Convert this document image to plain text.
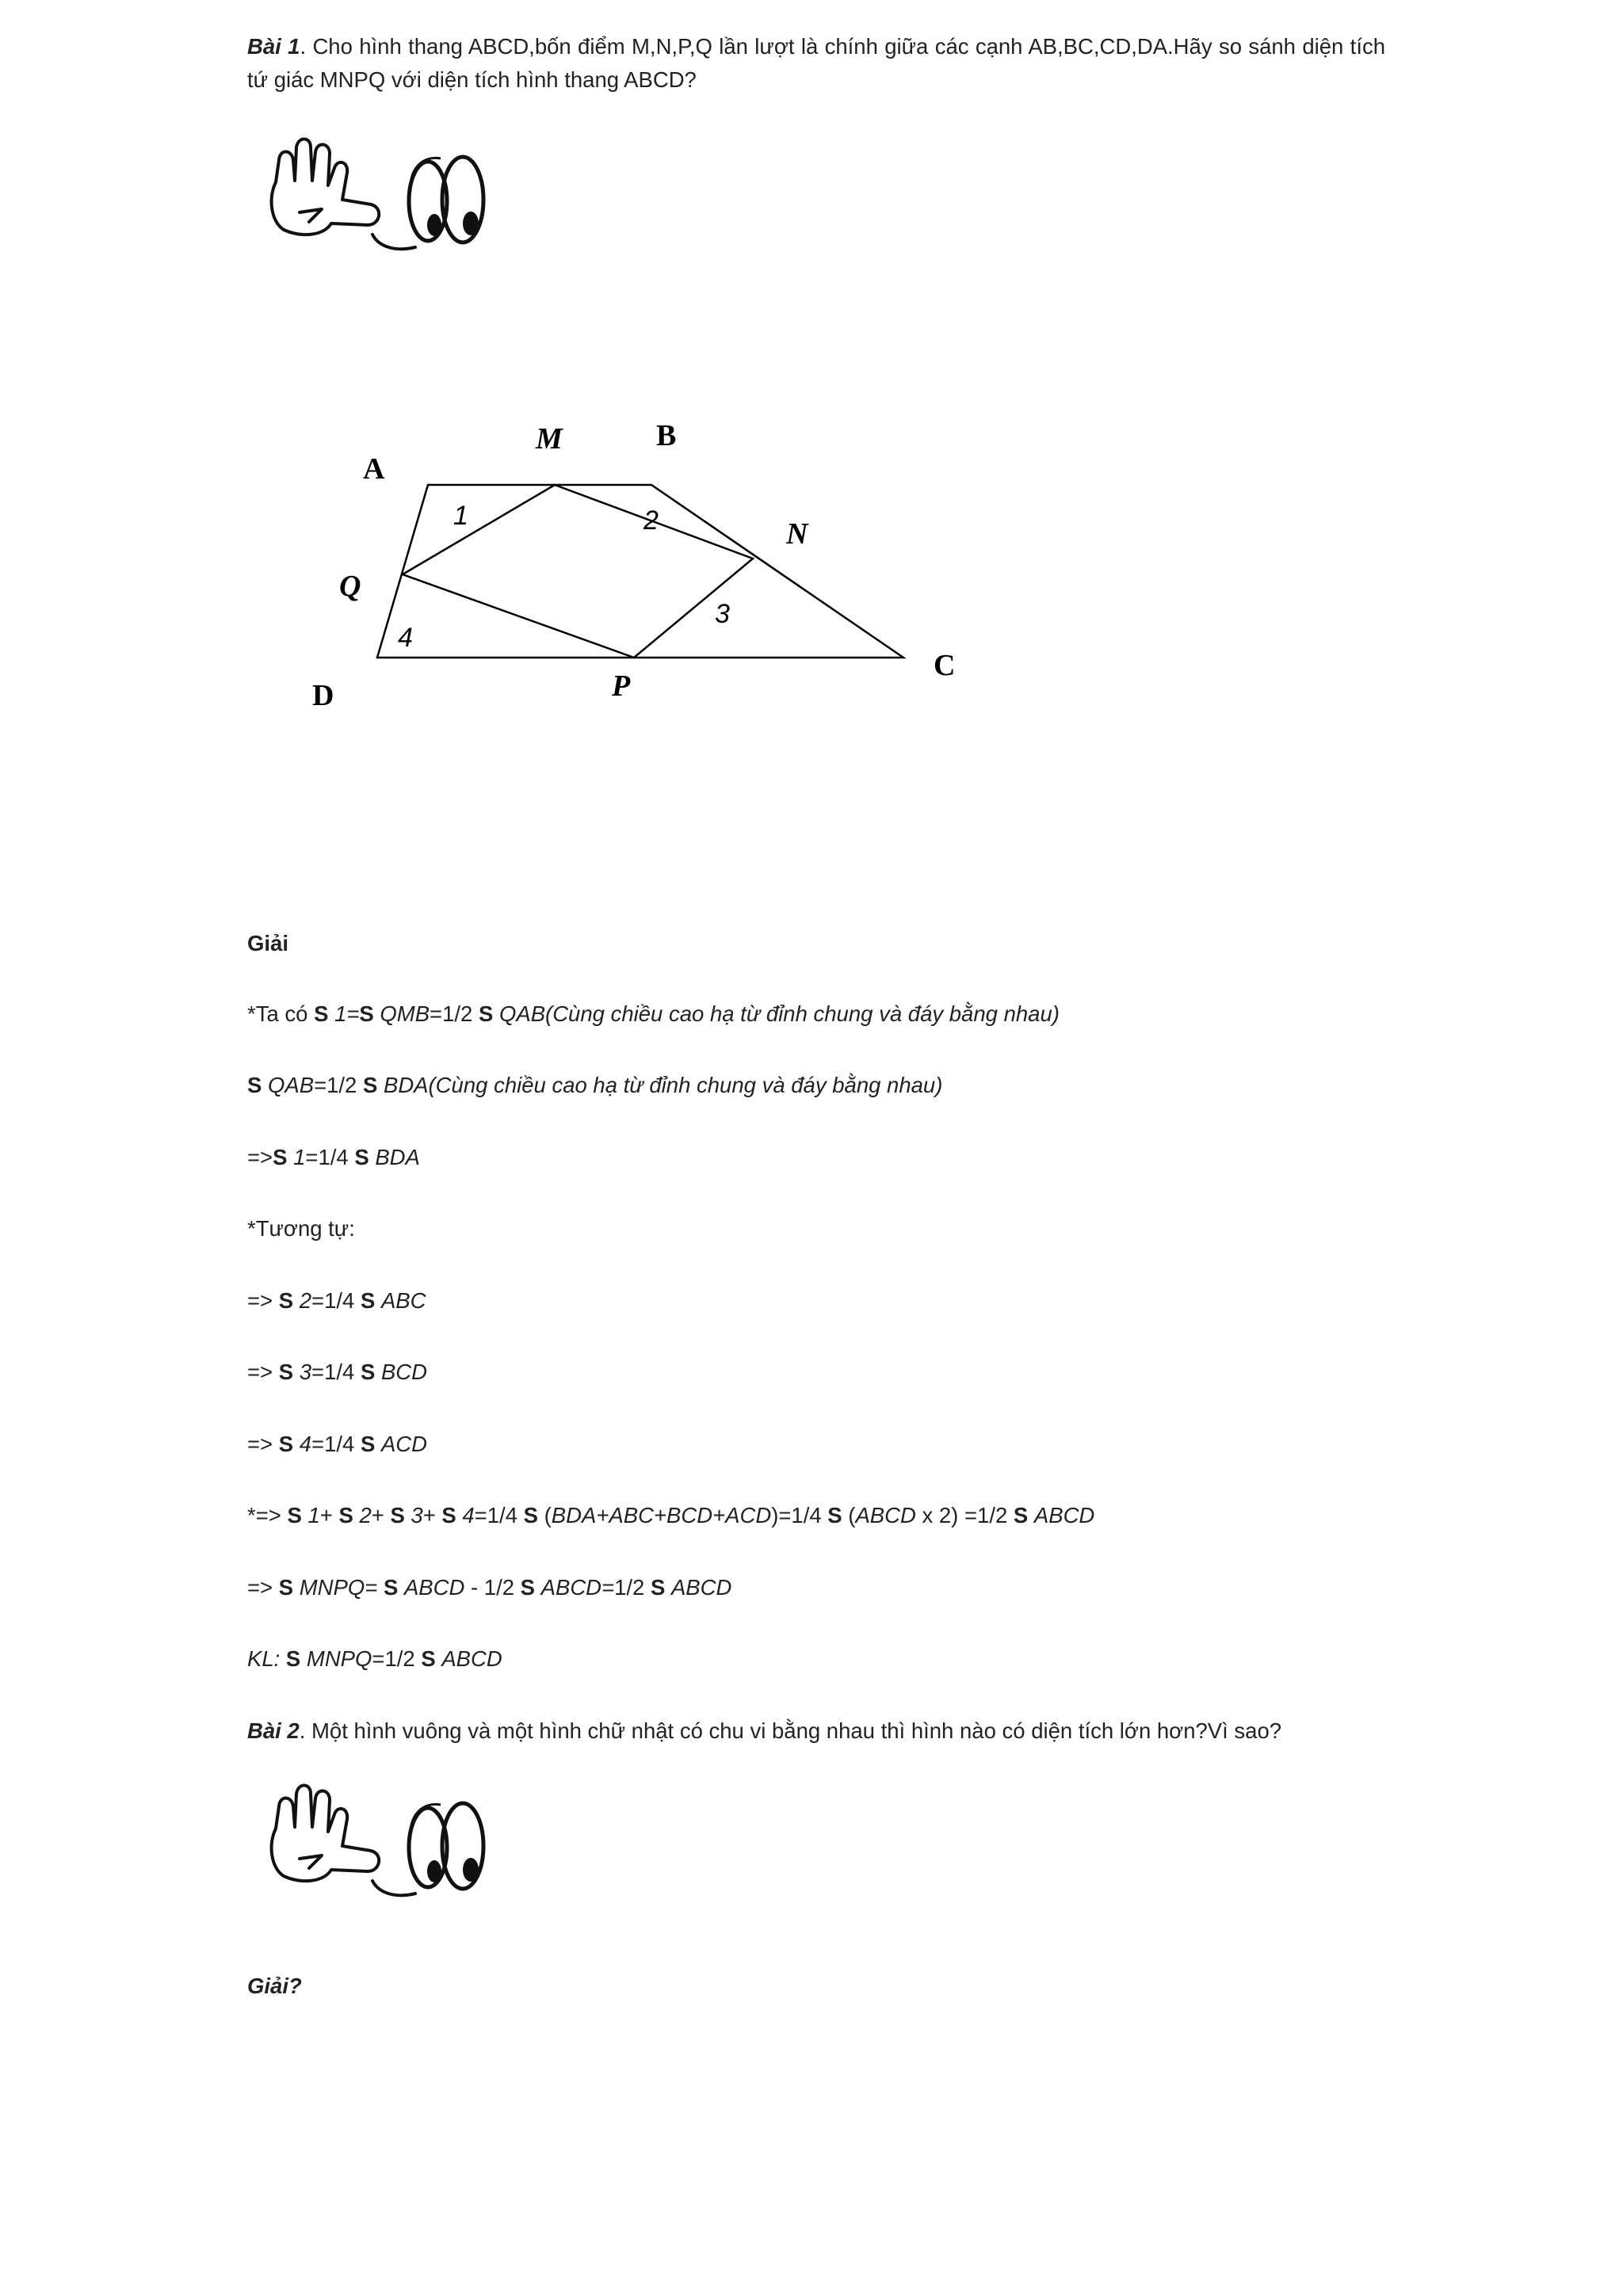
Bài 1. Cho hình thang ABCD,bốn điểm M,N,P,Q lần lượt là chính giữa các cạnh AB,BC,CD,DA.Hãy so sánh diện tích tứ giác MNPQ với diện tích hình thang ABCD?

A
B
C
D
M
N
P
Q
1	2
3
4

Giải

*Ta có S 1=S QMB=1/2 S QAB(Cùng chiều cao hạ từ đỉnh chung và đáy bằng nhau)

S QAB=1/2 S BDA(Cùng chiều cao hạ từ đỉnh chung và đáy bằng nhau)

=>S 1=1/4 S BDA

*Tương tự:

=> S 2=1/4 S ABC

=> S 3=1/4 S BCD

=> S 4=1/4 S ACD

*=> S 1+ S 2+ S 3+ S 4=1/4 S (BDA+ABC+BCD+ACD)=1/4 S (ABCD x 2) =1/2 S ABCD

=> S MNPQ= S ABCD - 1/2 S ABCD=1/2 S ABCD

KL: S MNPQ=1/2 S ABCD

Bài 2. Một hình vuông và một hình chữ nhật có chu vi bằng nhau thì hình nào có diện tích lớn hơn?Vì sao?

Giải?
